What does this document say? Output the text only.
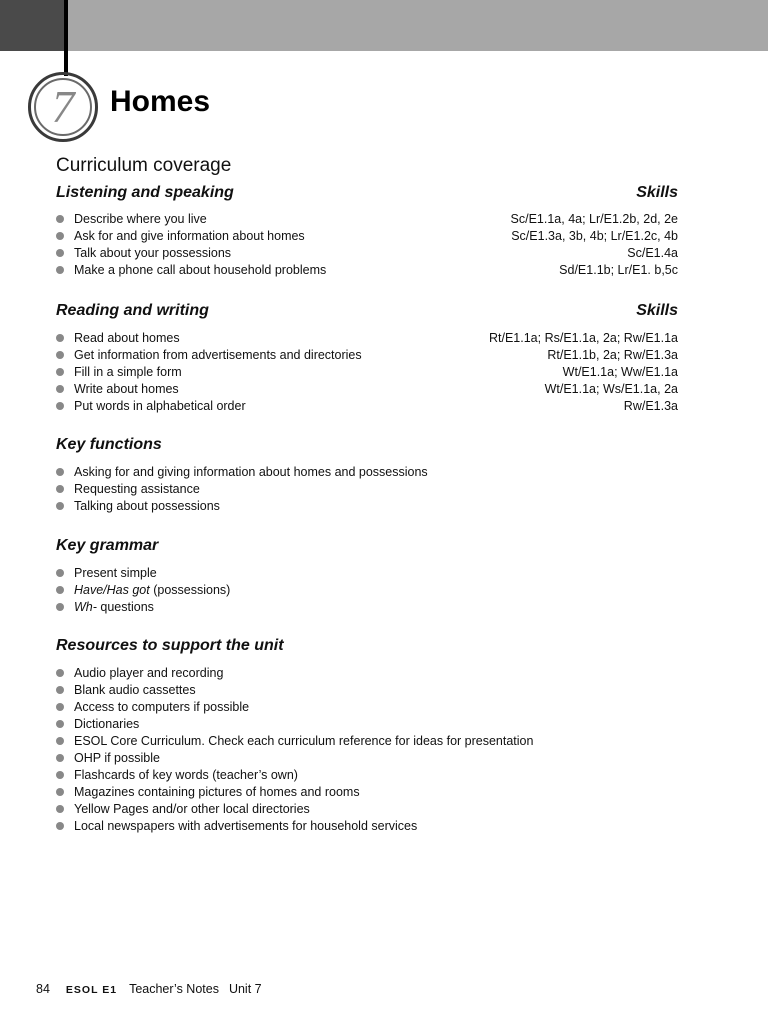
7 Homes
Curriculum coverage
Listening and speaking	Skills
Describe where you live	Sc/E1.1a, 4a; Lr/E1.2b, 2d, 2e
Ask for and give information about homes	Sc/E1.3a, 3b, 4b; Lr/E1.2c, 4b
Talk about your possessions	Sc/E1.4a
Make a phone call about household problems	Sd/E1.1b; Lr/E1. b,5c
Reading and writing	Skills
Read about homes	Rt/E1.1a; Rs/E1.1a, 2a; Rw/E1.1a
Get information from advertisements and directories	Rt/E1.1b, 2a; Rw/E1.3a
Fill in a simple form	Wt/E1.1a; Ww/E1.1a
Write about homes	Wt/E1.1a; Ws/E1.1a, 2a
Put words in alphabetical order	Rw/E1.3a
Key functions
Asking for and giving information about homes and possessions
Requesting assistance
Talking about possessions
Key grammar
Present simple
Have/Has got (possessions)
Wh- questions
Resources to support the unit
Audio player and recording
Blank audio cassettes
Access to computers if possible
Dictionaries
ESOL Core Curriculum. Check each curriculum reference for ideas for presentation
OHP if possible
Flashcards of key words (teacher’s own)
Magazines containing pictures of homes and rooms
Yellow Pages and/or other local directories
Local newspapers with advertisements for household services
84 ESOL E1 Teacher’s Notes Unit 7
